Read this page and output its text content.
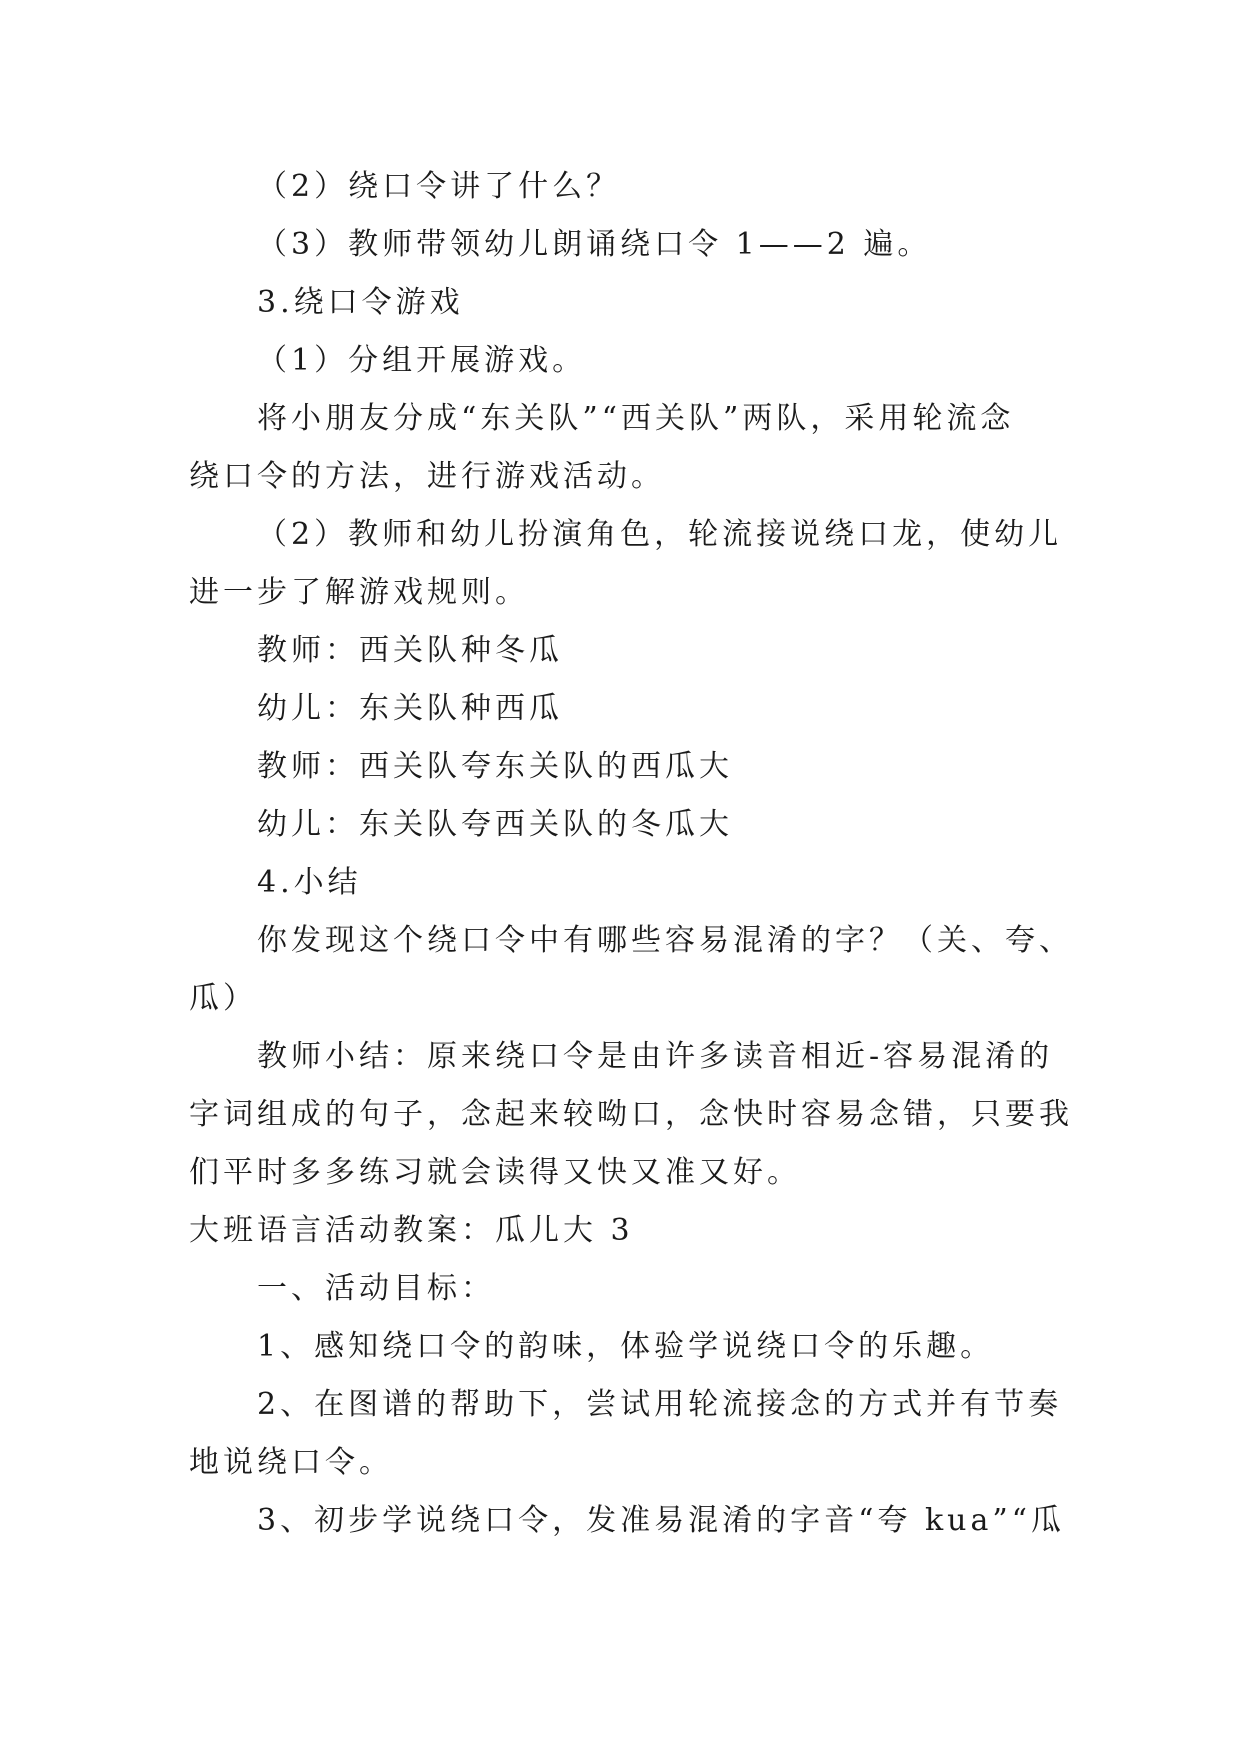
（2）绕口令讲了什么？
（3）教师带领幼儿朗诵绕口令 1——2 遍。
3.绕口令游戏
（1）分组开展游戏。
将小朋友分成“东关队”“西关队”两队，采用轮流念
绕口令的方法，进行游戏活动。
（2）教师和幼儿扮演角色，轮流接说绕口龙，使幼儿
进一步了解游戏规则。
教师：西关队种冬瓜
幼儿：东关队种西瓜
教师：西关队夸东关队的西瓜大
幼儿：东关队夸西关队的冬瓜大
4.小结
你发现这个绕口令中有哪些容易混淆的字？（关、夸、
瓜）
教师小结：原来绕口令是由许多读音相近-容易混淆的
字词组成的句子，念起来较呦口，念快时容易念错，只要我
们平时多多练习就会读得又快又准又好。
大班语言活动教案：瓜儿大 3
一、活动目标：
1、感知绕口令的韵味，体验学说绕口令的乐趣。
2、在图谱的帮助下，尝试用轮流接念的方式并有节奏
地说绕口令。
3、初步学说绕口令，发准易混淆的字音“夸 kua”“瓜
